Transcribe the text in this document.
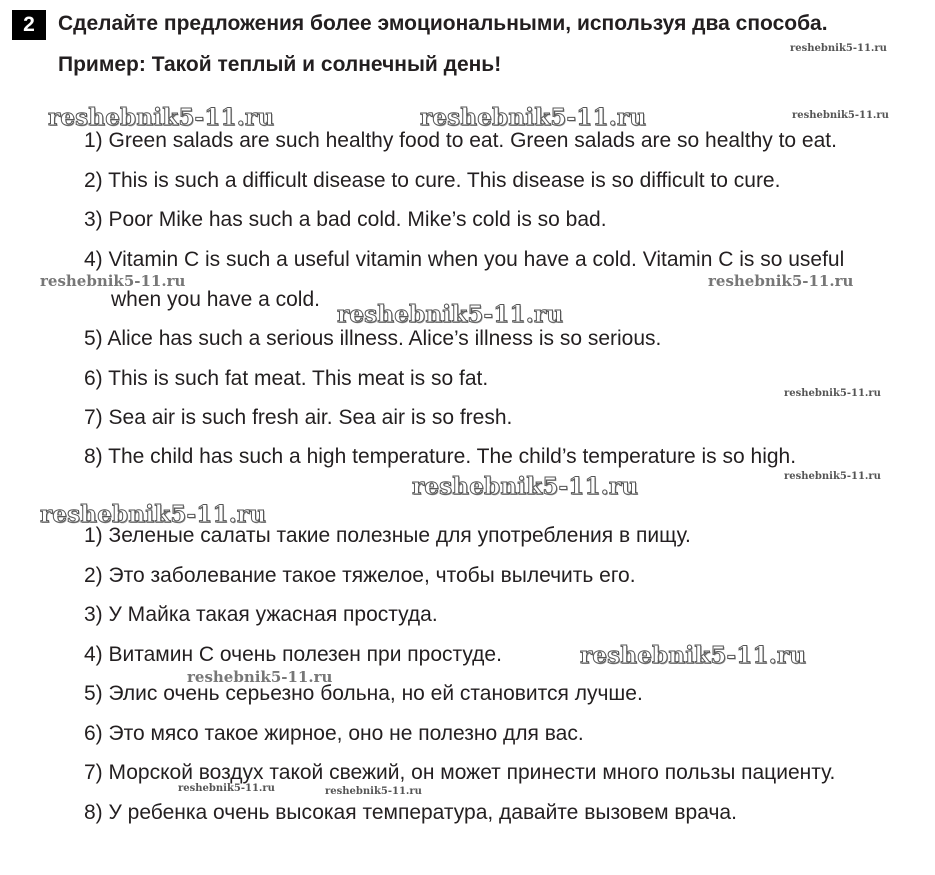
2	Сделайте предложения более эмоциональными, используя два способа.
Пример: Такой теплый и солнечный день!
1) Green salads are such healthy food to eat. Green salads are so healthy to eat.
2) This is such a difficult disease to cure. This disease is so difficult to cure.
3) Poor Mike has such a bad cold. Mike’s cold is so bad.
4) Vitamin C is such a useful vitamin when you have a cold. Vitamin C is so useful
when you have a cold.
5) Alice has such a serious illness. Alice’s illness is so serious.
6) This is such fat meat. This meat is so fat.
7) Sea air is such fresh air. Sea air is so fresh.
8) The child has such a high temperature. The child’s temperature is so high.
1) Зеленые салаты такие полезные для употребления в пищу.
2) Это заболевание такое тяжелое, чтобы вылечить его.
3) У Майка такая ужасная простуда.
4) Витамин С очень полезен при простуде.
5) Элис очень серьезно больна, но ей становится лучше.
6) Это мясо такое жирное, оно не полезно для вас.
7) Морской воздух такой свежий, он может принести много пользы пациенту.
8) У ребенка очень высокая температура, давайте вызовем врача.
reshebnik5-11.ru	reshebnik5-11.ru
reshebnik5-11.ru
reshebnik5-11.ru
reshebnik5-11.ru
reshebnik5-11.ru
reshebnik5-11.ru	reshebnik5-11.ru
reshebnik5-11.ru
reshebnik5-11.ru
reshebnik5-11.ru
reshebnik5-11.ru
reshebnik5-11.ru
reshebnik5-11.ru	reshebnik5-11.ru
